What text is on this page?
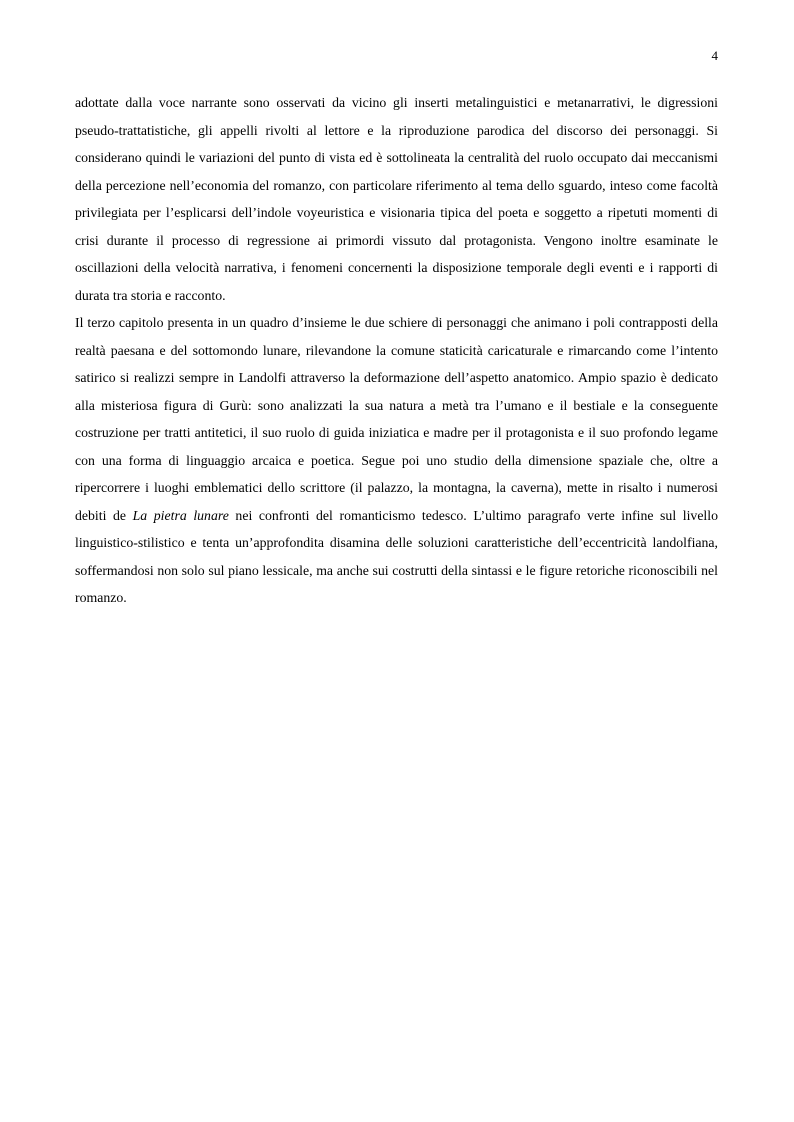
4

adottate dalla voce narrante sono osservati da vicino gli inserti metalinguistici e metanarrativi, le digressioni pseudo-trattatistiche, gli appelli rivolti al lettore e la riproduzione parodica del discorso dei personaggi. Si considerano quindi le variazioni del punto di vista ed è sottolineata la centralità del ruolo occupato dai meccanismi della percezione nell’economia del romanzo, con particolare riferimento al tema dello sguardo, inteso come facoltà privilegiata per l’esplicarsi dell’indole voyeuristica e visionaria tipica del poeta e soggetto a ripetuti momenti di crisi durante il processo di regressione ai primordi vissuto dal protagonista. Vengono inoltre esaminate le oscillazioni della velocità narrativa, i fenomeni concernenti la disposizione temporale degli eventi e i rapporti di durata tra storia e racconto.

Il terzo capitolo presenta in un quadro d’insieme le due schiere di personaggi che animano i poli contrapposti della realtà paesana e del sottomondo lunare, rilevandone la comune staticità caricaturale e rimarcando come l’intento satirico si realizzi sempre in Landolfi attraverso la deformazione dell’aspetto anatomico. Ampio spazio è dedicato alla misteriosa figura di Gurù: sono analizzati la sua natura a metà tra l’umano e il bestiale e la conseguente costruzione per tratti antitetici, il suo ruolo di guida iniziatica e madre per il protagonista e il suo profondo legame con una forma di linguaggio arcaica e poetica. Segue poi uno studio della dimensione spaziale che, oltre a ripercorrere i luoghi emblematici dello scrittore (il palazzo, la montagna, la caverna), mette in risalto i numerosi debiti de La pietra lunare nei confronti del romanticismo tedesco. L’ultimo paragrafo verte infine sul livello linguistico-stilistico e tenta un’approfondita disamina delle soluzioni caratteristiche dell’eccentricità landolfiana, soffermandosi non solo sul piano lessicale, ma anche sui costrutti della sintassi e le figure retoriche riconoscibili nel romanzo.
